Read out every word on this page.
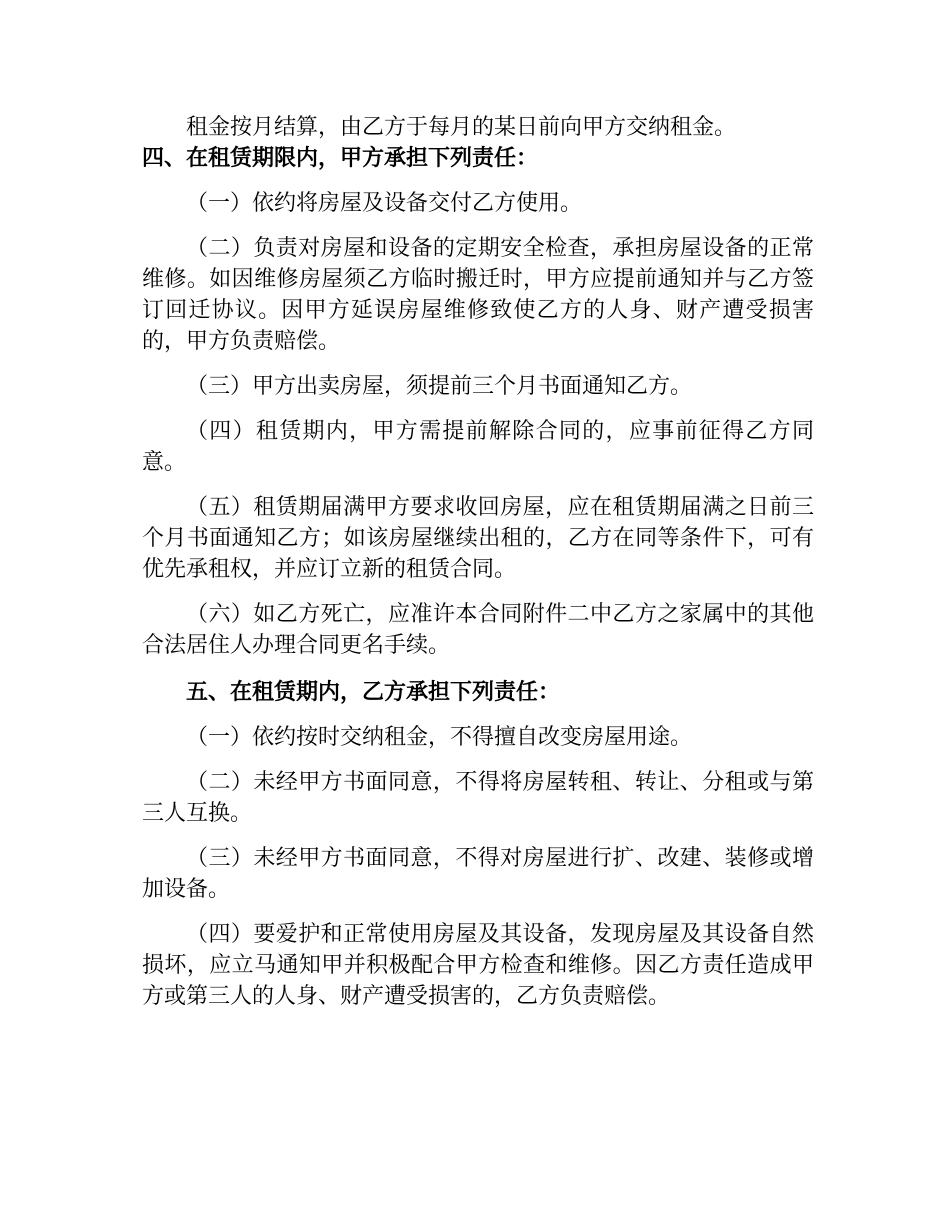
租金按月结算，由乙方于每月的某日前向甲方交纳租金。

四、在租赁期限内，甲方承担下列责任：

（一）依约将房屋及设备交付乙方使用。

（二）负责对房屋和设备的定期安全检查，承担房屋设备的正常维修。如因维修房屋须乙方临时搬迁时，甲方应提前通知并与乙方签订回迁协议。因甲方延误房屋维修致使乙方的人身、财产遭受损害的，甲方负责赔偿。

（三）甲方出卖房屋，须提前三个月书面通知乙方。

（四）租赁期内，甲方需提前解除合同的，应事前征得乙方同意。

（五）租赁期届满甲方要求收回房屋，应在租赁期届满之日前三个月书面通知乙方；如该房屋继续出租的，乙方在同等条件下，可有优先承租权，并应订立新的租赁合同。

（六）如乙方死亡，应准许本合同附件二中乙方之家属中的其他合法居住人办理合同更名手续。

五、在租赁期内，乙方承担下列责任：

（一）依约按时交纳租金，不得擅自改变房屋用途。

（二）未经甲方书面同意，不得将房屋转租、转让、分租或与第三人互换。

（三）未经甲方书面同意，不得对房屋进行扩、改建、装修或增加设备。

（四）要爱护和正常使用房屋及其设备，发现房屋及其设备自然损坏，应立马通知甲并积极配合甲方检查和维修。因乙方责任造成甲方或第三人的人身、财产遭受损害的，乙方负责赔偿。
